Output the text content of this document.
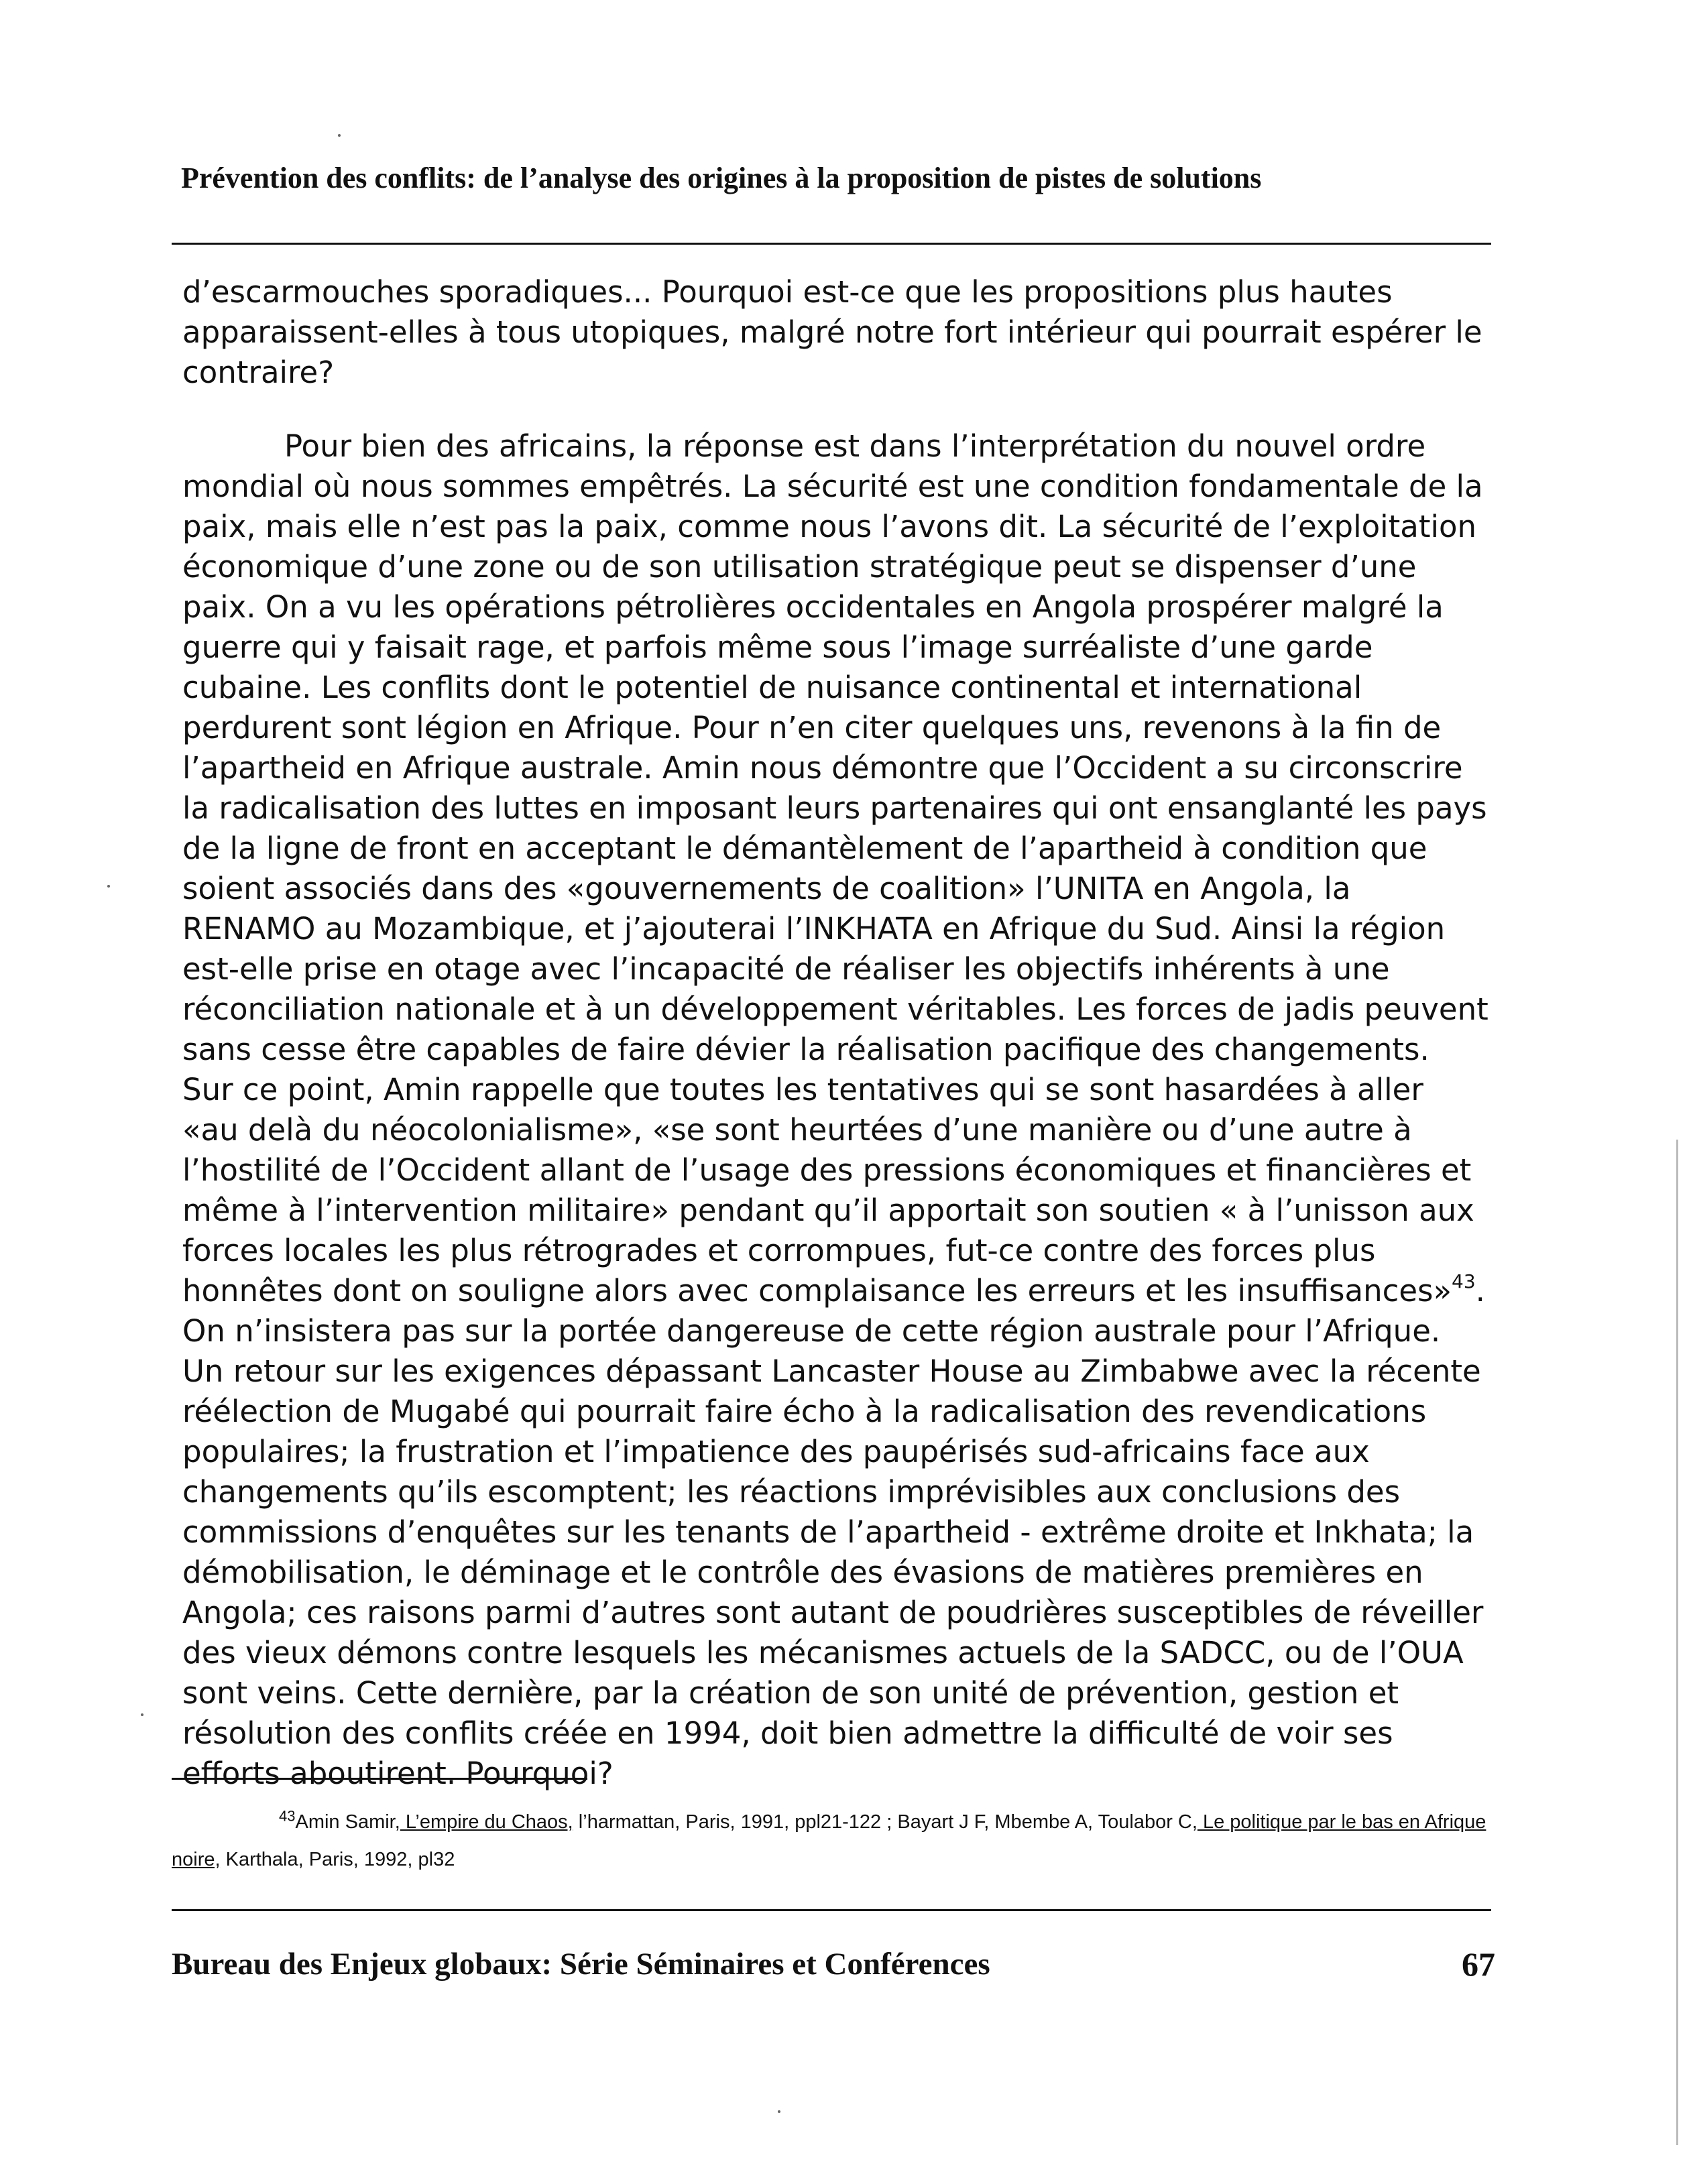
Prévention des conflits: de l’analyse des origines à la proposition de pistes de solutions
d’escarmouches sporadiques... Pourquoi est-ce que les propositions plus hautes apparaissent-elles à tous utopiques, malgré notre fort intérieur qui pourrait espérer le contraire?
Pour bien des africains, la réponse est dans l’interprétation du nouvel ordre mondial où nous sommes empêtrés. La sécurité est une condition fondamentale de la paix, mais elle n’est pas la paix, comme nous l’avons dit. La sécurité de l’exploitation économique d’une zone ou de son utilisation stratégique peut se dispenser d’une paix. On a vu les opérations pétrolières occidentales en Angola prospérer malgré la guerre qui y faisait rage, et parfois même sous l’image surréaliste d’une garde cubaine. Les conflits dont le potentiel de nuisance continental et international perdurent sont légion en Afrique. Pour n’en citer quelques uns, revenons à la fin de l’apartheid en Afrique australe. Amin nous démontre que l’Occident a su circonscrire la radicalisation des luttes en imposant leurs partenaires qui ont ensanglanté les pays de la ligne de front en acceptant le démantèlement de l’apartheid à condition que soient associés dans des «gouvernements de coalition» l’UNITA en Angola, la RENAMO au Mozambique, et j’ajouterai l’INKHATA en Afrique du Sud. Ainsi la région est-elle prise en otage avec l’incapacité de réaliser les objectifs inhérents à une réconciliation nationale et à un développement véritables. Les forces de jadis peuvent sans cesse être capables de faire dévier la réalisation pacifique des changements. Sur ce point, Amin rappelle que toutes les tentatives qui se sont hasardées à aller «au delà du néocolonialisme», «se sont heurtées d’une manière ou d’une autre à l’hostilité de l’Occident allant de l’usage des pressions économiques et financières et même à l’intervention militaire» pendant qu’il apportait son soutien « à l’unisson aux forces locales les plus rétrogrades et corrompues, fut-ce contre des forces plus honnêtes dont on souligne alors avec complaisance les erreurs et les insuffisances»$^{43}$. On n’insistera pas sur la portée dangereuse de cette région australe pour l’Afrique. Un retour sur les exigences dépassant Lancaster House au Zimbabwe avec la récente réélection de Mugabé qui pourrait faire écho à la radicalisation des revendications populaires; la frustration et l’impatience des paupérisés sud-africains face aux changements qu’ils escomptent; les réactions imprévisibles aux conclusions des commissions d’enquêtes sur les tenants de l’apartheid - extrême droite et Inkhata; la démobilisation, le déminage et le contrôle des évasions de matières premières en Angola; ces raisons parmi d’autres sont autant de poudrières susceptibles de réveiller des vieux démons contre lesquels les mécanismes actuels de la SADCC, ou de l’OUA sont veins. Cette dernière, par la création de son unité de prévention, gestion et résolution des conflits créée en 1994, doit bien admettre la difficulté de voir ses efforts aboutirent. Pourquoi?
$^{43}$Amin Samir, L’empire du Chaos, l’harmattan, Paris, 1991, ppl21-122 ; Bayart J F, Mbembe A, Toulabor C, Le politique par le bas en Afrique noire, Karthala, Paris, 1992, pl32
Bureau des Enjeux globaux: Série Séminaires et Conférences	67
